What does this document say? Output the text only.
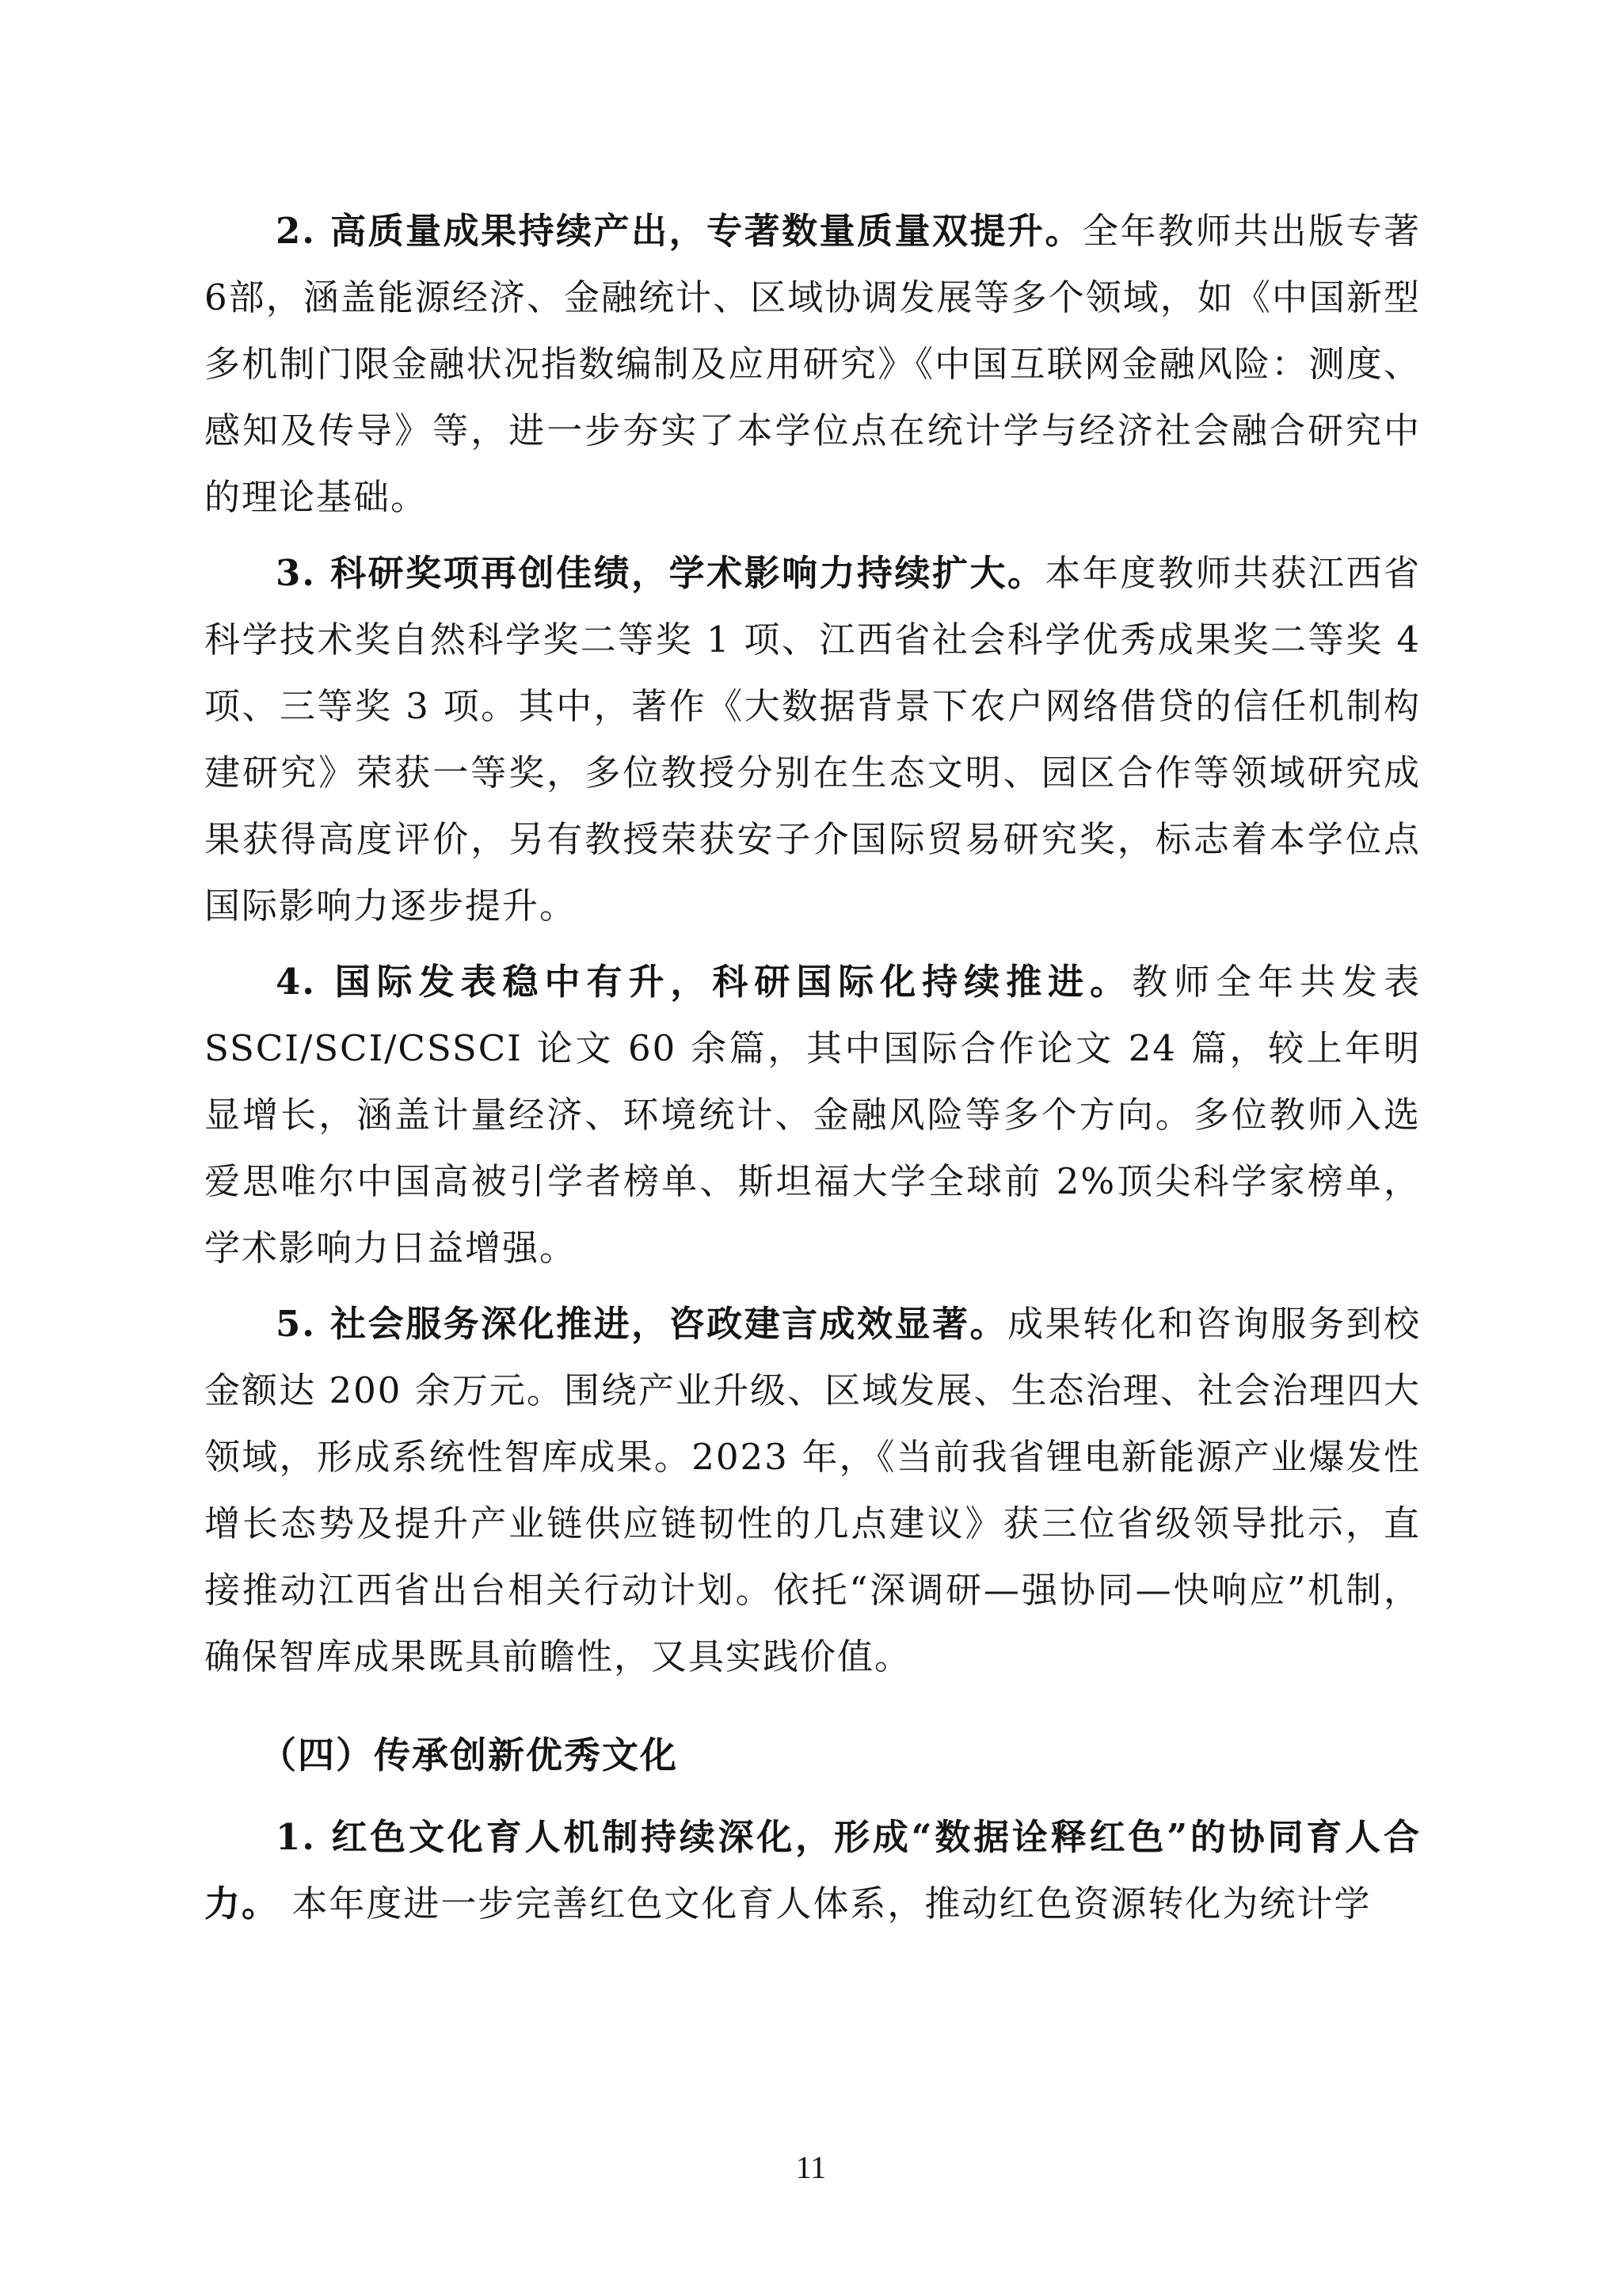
2. 高质量成果持续产出，专著数量质量双提升。全年教师共出版专著6部，涵盖能源经济、金融统计、区域协调发展等多个领域，如《中国新型多机制门限金融状况指数编制及应用研究》《中国互联网金融风险：测度、感知及传导》等，进一步夯实了本学位点在统计学与经济社会融合研究中的理论基础。

3. 科研奖项再创佳绩，学术影响力持续扩大。本年度教师共获江西省科学技术奖自然科学奖二等奖 1 项、江西省社会科学优秀成果奖二等奖 4 项、三等奖 3 项。其中，著作《大数据背景下农户网络借贷的信任机制构建研究》荣获一等奖，多位教授分别在生态文明、园区合作等领域研究成果获得高度评价，另有教授荣获安子介国际贸易研究奖，标志着本学位点国际影响力逐步提升。

4. 国际发表稳中有升，科研国际化持续推进。教师全年共发表SSCI/SCI/CSSCI 论文 60 余篇，其中国际合作论文 24 篇，较上年明显增长，涵盖计量经济、环境统计、金融风险等多个方向。多位教师入选爱思唯尔中国高被引学者榜单、斯坦福大学全球前 2%顶尖科学家榜单，学术影响力日益增强。

5. 社会服务深化推进，咨政建言成效显著。成果转化和咨询服务到校金额达 200 余万元。围绕产业升级、区域发展、生态治理、社会治理四大领域，形成系统性智库成果。2023 年，《当前我省锂电新能源产业爆发性增长态势及提升产业链供应链韧性的几点建议》获三位省级领导批示，直接推动江西省出台相关行动计划。依托“深调研—强协同—快响应”机制，确保智库成果既具前瞻性，又具实践价值。

（四）传承创新优秀文化

1. 红色文化育人机制持续深化，形成“数据诠释红色”的协同育人合力。 本年度进一步完善红色文化育人体系，推动红色资源转化为统计学

11
